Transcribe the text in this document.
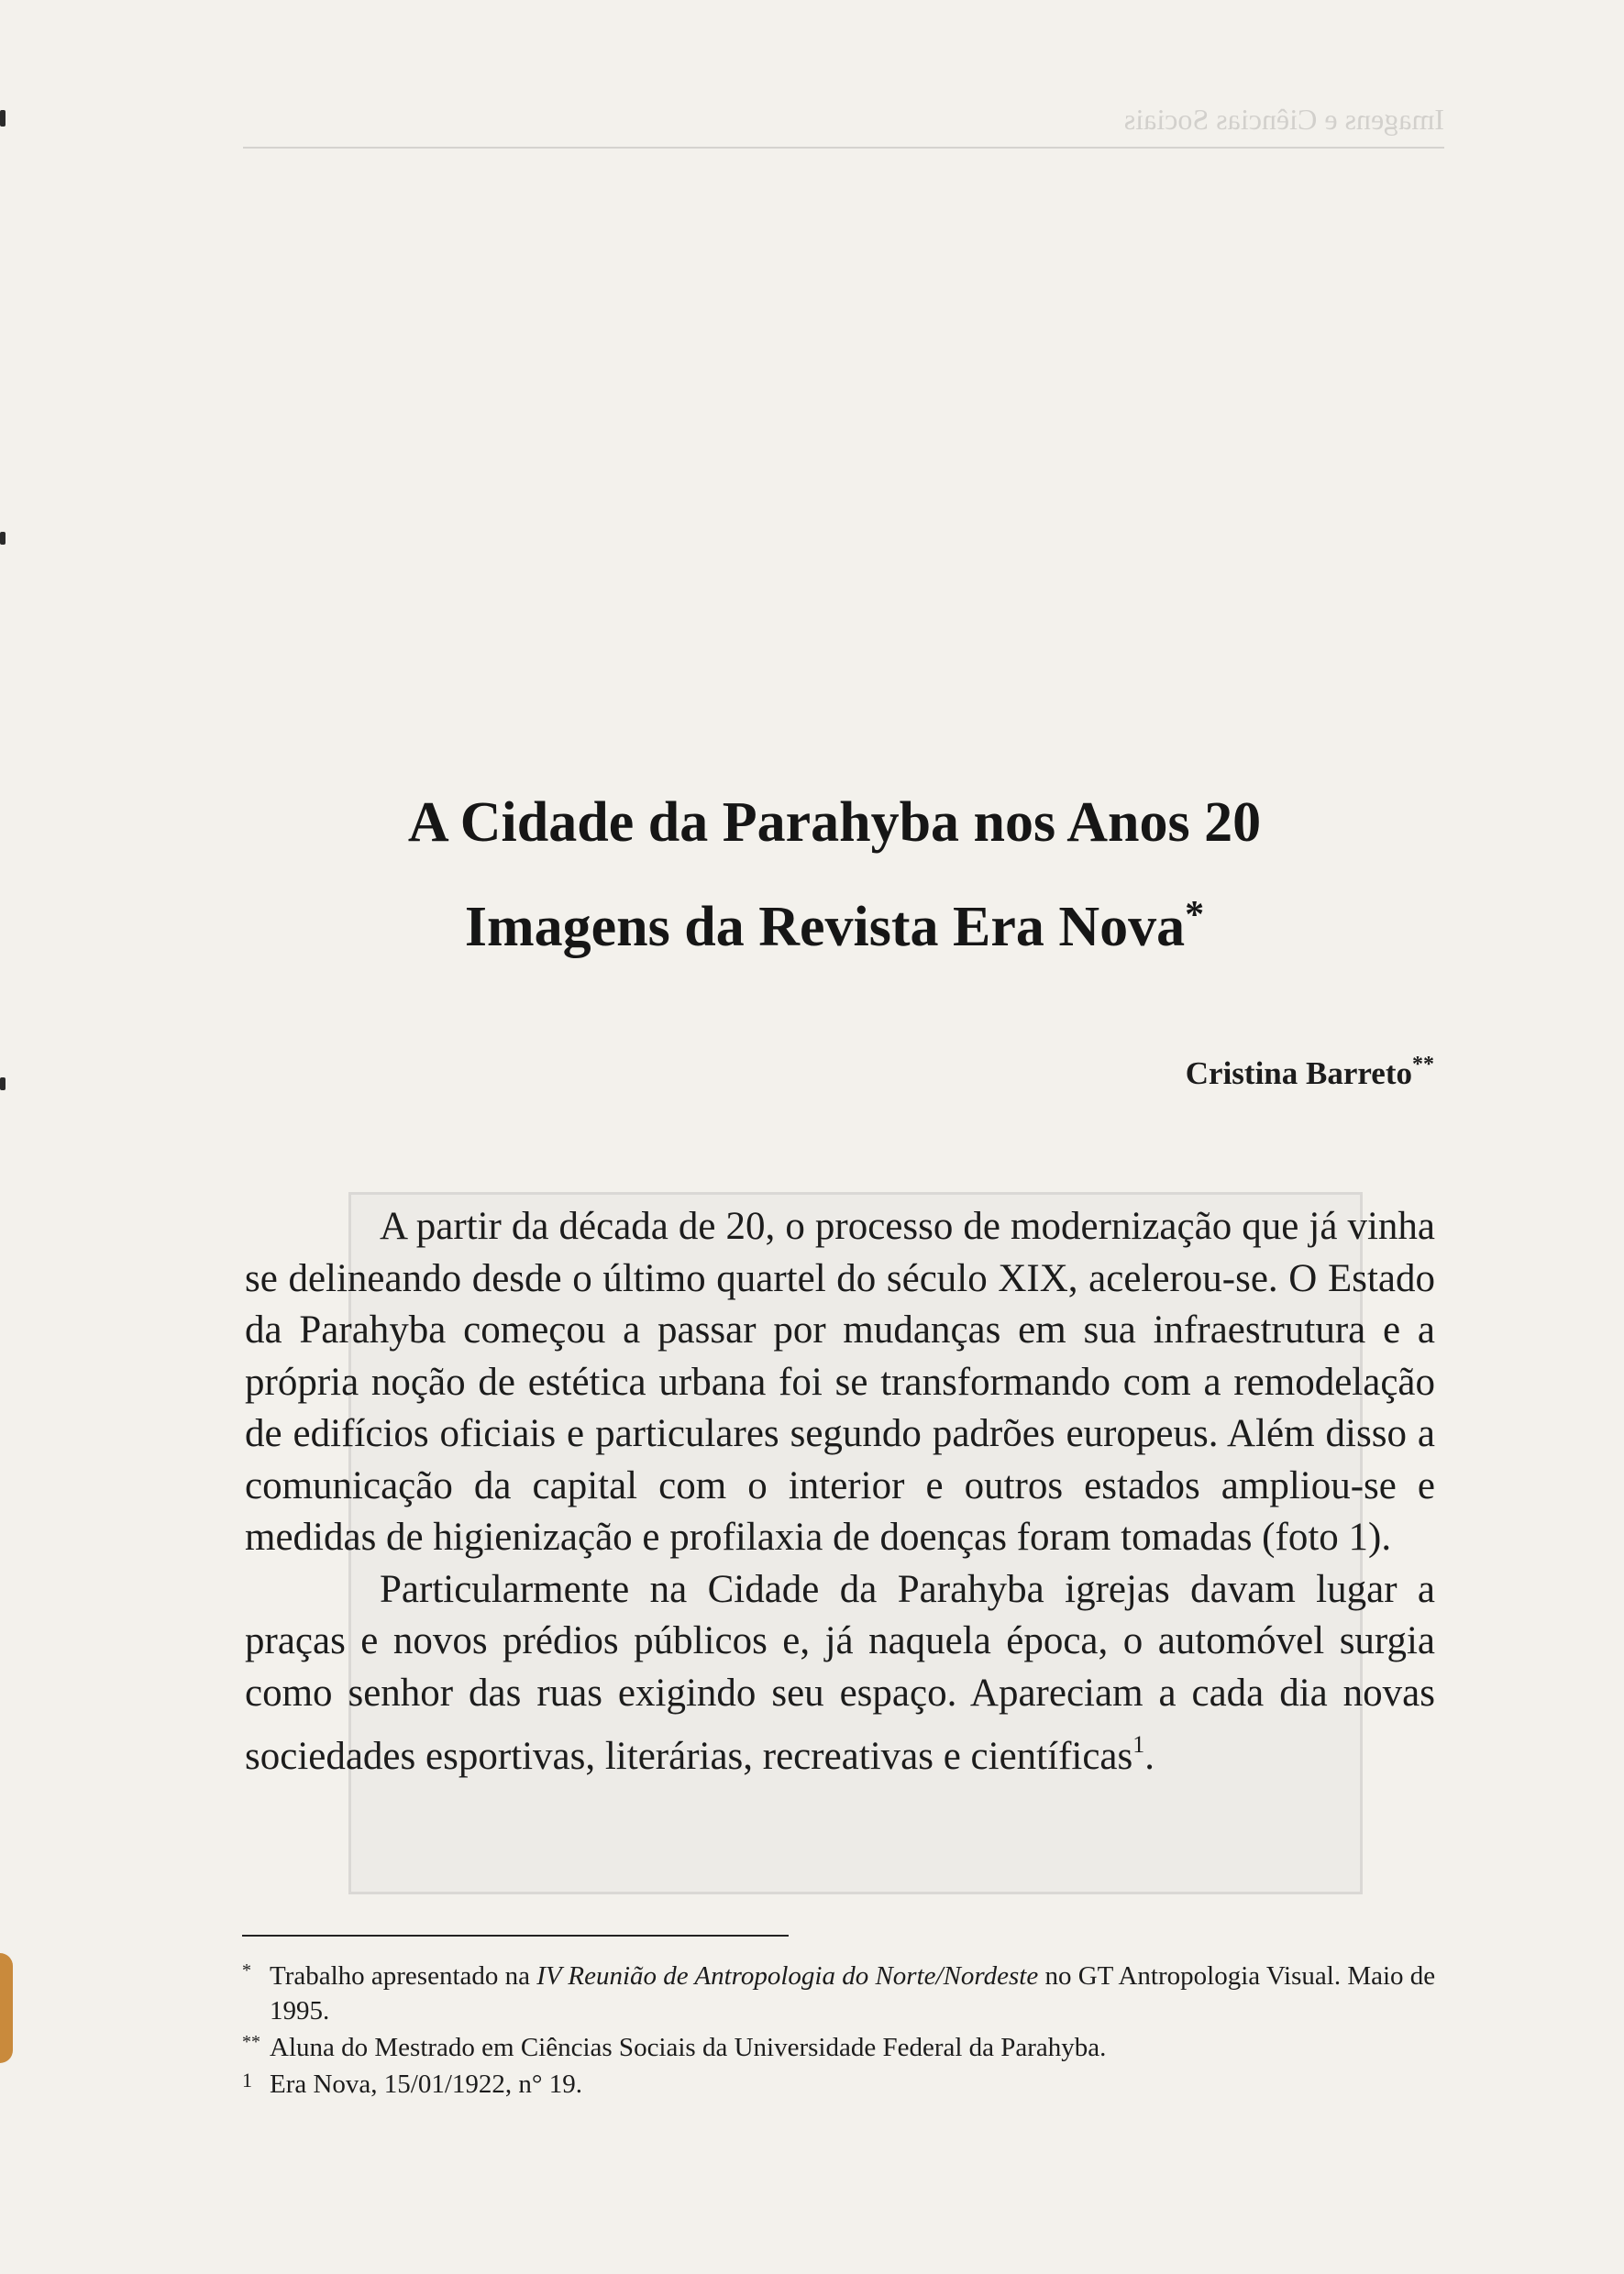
Imagens e Ciências Sociais
A Cidade da Parahyba nos Anos 20
Imagens da Revista Era Nova*
Cristina Barreto**

A partir da década de 20, o processo de modernização que já vinha se delineando desde o último quartel do século XIX, acelerou-se. O Estado da Parahyba começou a passar por mudanças em sua infraestrutura e a própria noção de estética urbana foi se transformando com a remodelação de edifícios oficiais e particulares segundo padrões europeus. Além disso a comunicação da capital com o interior e outros estados ampliou-se e medidas de higienização e profilaxia de doenças foram tomadas (foto 1).

Particularmente na Cidade da Parahyba igrejas davam lugar a praças e novos prédios públicos e, já naquela época, o automóvel surgia como senhor das ruas exigindo seu espaço. Apareciam a cada dia novas sociedades esportivas, literárias, recreativas e científicas$^1$.

* Trabalho apresentado na IV Reunião de Antropologia do Norte/Nordeste no GT Antropologia Visual. Maio de 1995.
** Aluna do Mestrado em Ciências Sociais da Universidade Federal da Parahyba.
1 Era Nova, 15/01/1922, n° 19.
